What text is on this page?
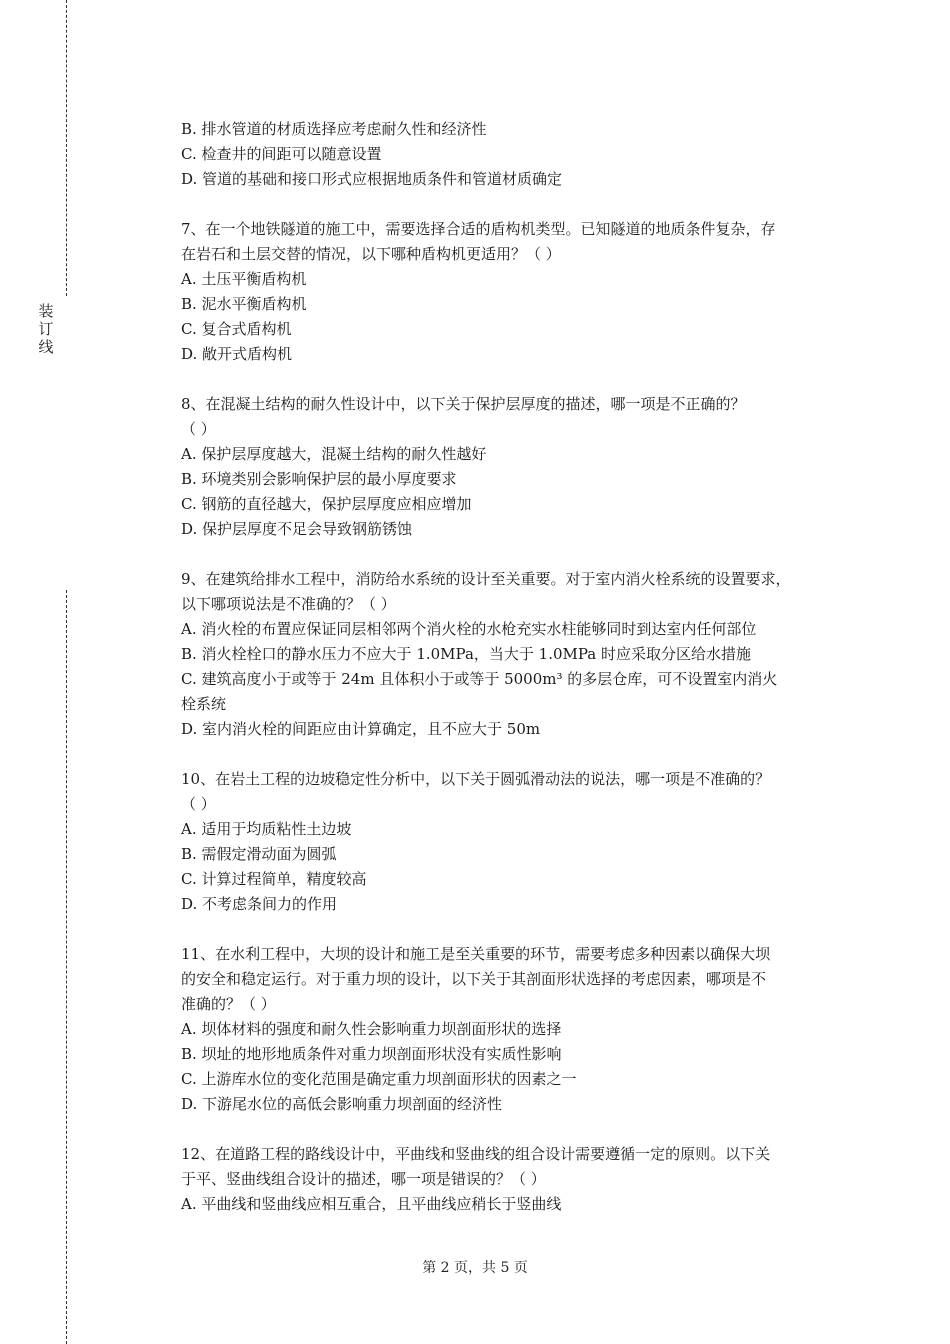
装
订
线
B. 排水管道的材质选择应考虑耐久性和经济性
C. 检查井的间距可以随意设置
D. 管道的基础和接口形式应根据地质条件和管道材质确定
7、在一个地铁隧道的施工中，需要选择合适的盾构机类型。已知隧道的地质条件复杂，存
在岩石和土层交替的情况，以下哪种盾构机更适用？（ ）
A. 土压平衡盾构机
B. 泥水平衡盾构机
C. 复合式盾构机
D. 敞开式盾构机
8、在混凝土结构的耐久性设计中，以下关于保护层厚度的描述，哪一项是不正确的？
（ ）
A. 保护层厚度越大，混凝土结构的耐久性越好
B. 环境类别会影响保护层的最小厚度要求
C. 钢筋的直径越大，保护层厚度应相应增加
D. 保护层厚度不足会导致钢筋锈蚀
9、在建筑给排水工程中，消防给水系统的设计至关重要。对于室内消火栓系统的设置要求，
以下哪项说法是不准确的？（ ）
A. 消火栓的布置应保证同层相邻两个消火栓的水枪充实水柱能够同时到达室内任何部位
B. 消火栓栓口的静水压力不应大于 1.0MPa，当大于 1.0MPa 时应采取分区给水措施
C. 建筑高度小于或等于 24m 且体积小于或等于 5000m³ 的多层仓库，可不设置室内消火
栓系统
D. 室内消火栓的间距应由计算确定，且不应大于 50m
10、在岩土工程的边坡稳定性分析中，以下关于圆弧滑动法的说法，哪一项是不准确的？
（ ）
A. 适用于均质粘性土边坡
B. 需假定滑动面为圆弧
C. 计算过程简单，精度较高
D. 不考虑条间力的作用
11、在水利工程中，大坝的设计和施工是至关重要的环节，需要考虑多种因素以确保大坝
的安全和稳定运行。对于重力坝的设计，以下关于其剖面形状选择的考虑因素，哪项是不
准确的？（ ）
A. 坝体材料的强度和耐久性会影响重力坝剖面形状的选择
B. 坝址的地形地质条件对重力坝剖面形状没有实质性影响
C. 上游库水位的变化范围是确定重力坝剖面形状的因素之一
D. 下游尾水位的高低会影响重力坝剖面的经济性
12、在道路工程的路线设计中，平曲线和竖曲线的组合设计需要遵循一定的原则。以下关
于平、竖曲线组合设计的描述，哪一项是错误的？（ ）
A. 平曲线和竖曲线应相互重合，且平曲线应稍长于竖曲线
第 2 页，共 5 页
